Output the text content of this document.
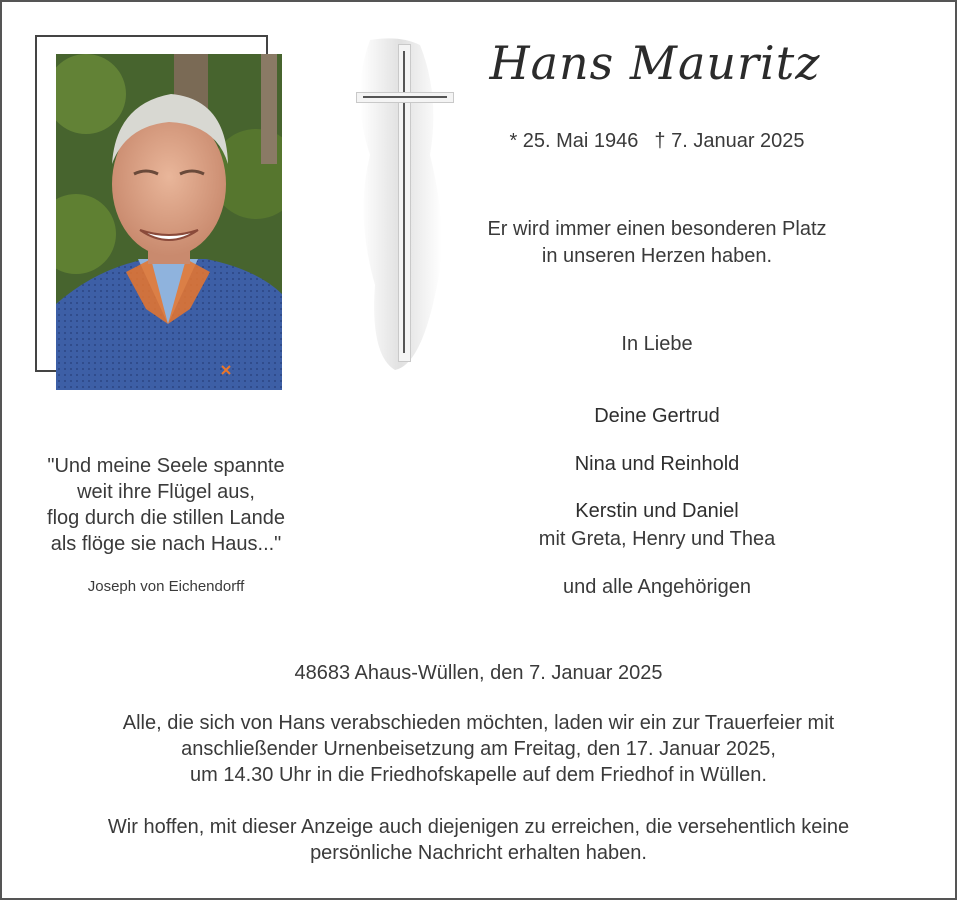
Hans Mauritz
* 25. Mai 1946 † 7. Januar 2025
Er wird immer einen besonderen Platz
in unseren Herzen haben.
In Liebe
Deine Gertrud
Nina und Reinhold
Kerstin und Daniel
mit Greta, Henry und Thea
und alle Angehörigen
"Und meine Seele spannte
weit ihre Flügel aus,
flog durch die stillen Lande
als flöge sie nach Haus..."
Joseph von Eichendorff
48683 Ahaus-Wüllen, den 7. Januar 2025
Alle, die sich von Hans verabschieden möchten, laden wir ein zur Trauerfeier mit
anschließender Urnenbeisetzung am Freitag, den 17. Januar 2025,
um 14.30 Uhr in die Friedhofskapelle auf dem Friedhof in Wüllen.
Wir hoffen, mit dieser Anzeige auch diejenigen zu erreichen, die versehentlich keine
persönliche Nachricht erhalten haben.
